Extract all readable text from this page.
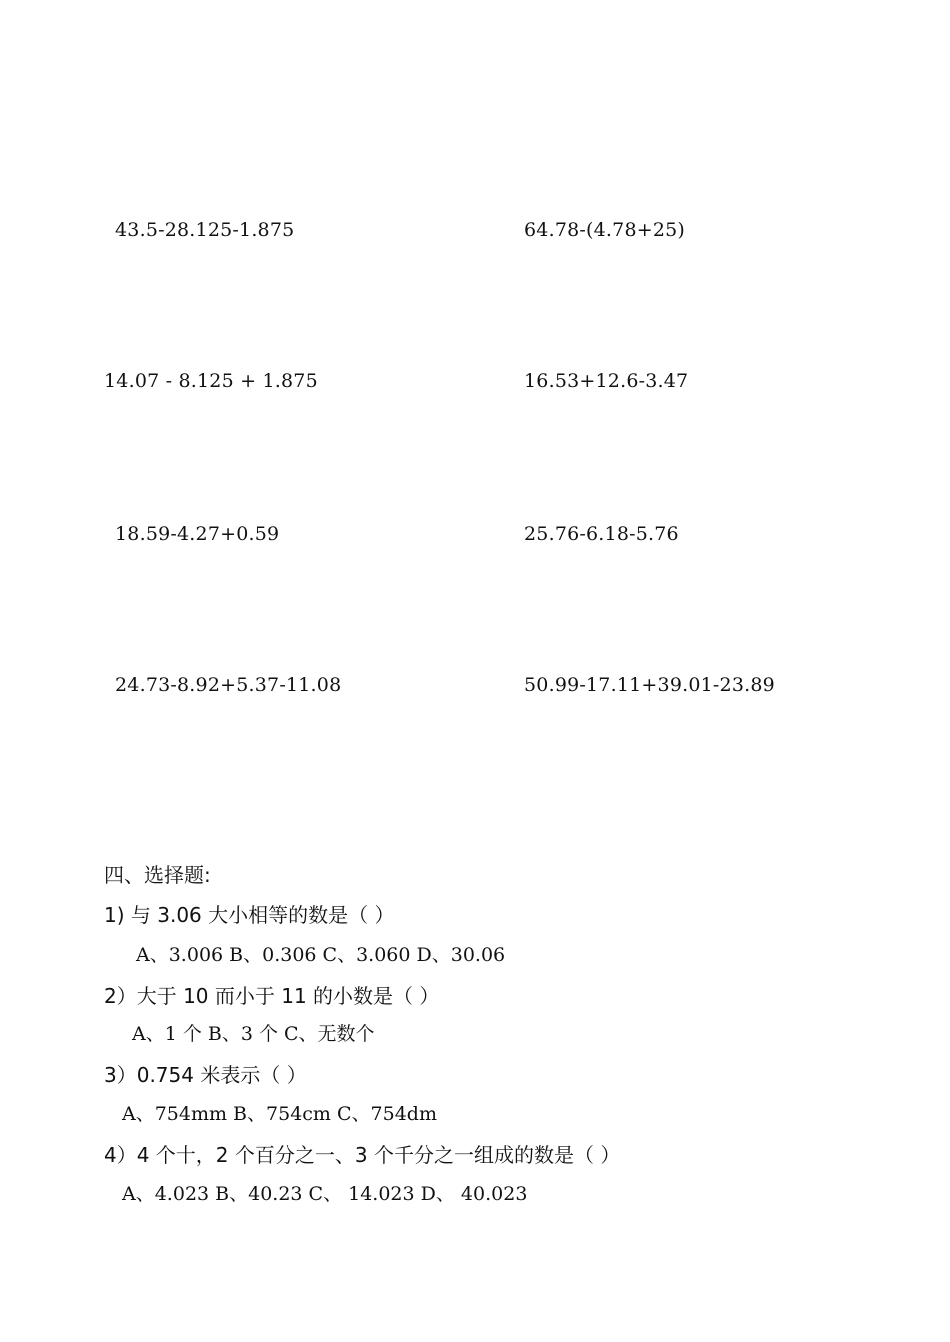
43.5-28.125-1.875	64.78-(4.78+25)
14.07 - 8.125 + 1.875	16.53+12.6-3.47
18.59-4.27+0.59	25.76-6.18-5.76
24.73-8.92+5.37-11.08	50.99-17.11+39.01-23.89
四、选择题:
1) 与 3.06 大小相等的数是（ ）
A、3.006 B、0.306 C、3.060 D、30.06
2）大于 10 而小于 11 的小数是（ ）
A、1 个 B、3 个 C、无数个
3）0.754 米表示（ ）
A、754mm B、754cm C、754dm
4）4 个十，2 个百分之一、3 个千分之一组成的数是（ ）
A、4.023 B、40.23 C、 14.023 D、 40.023
